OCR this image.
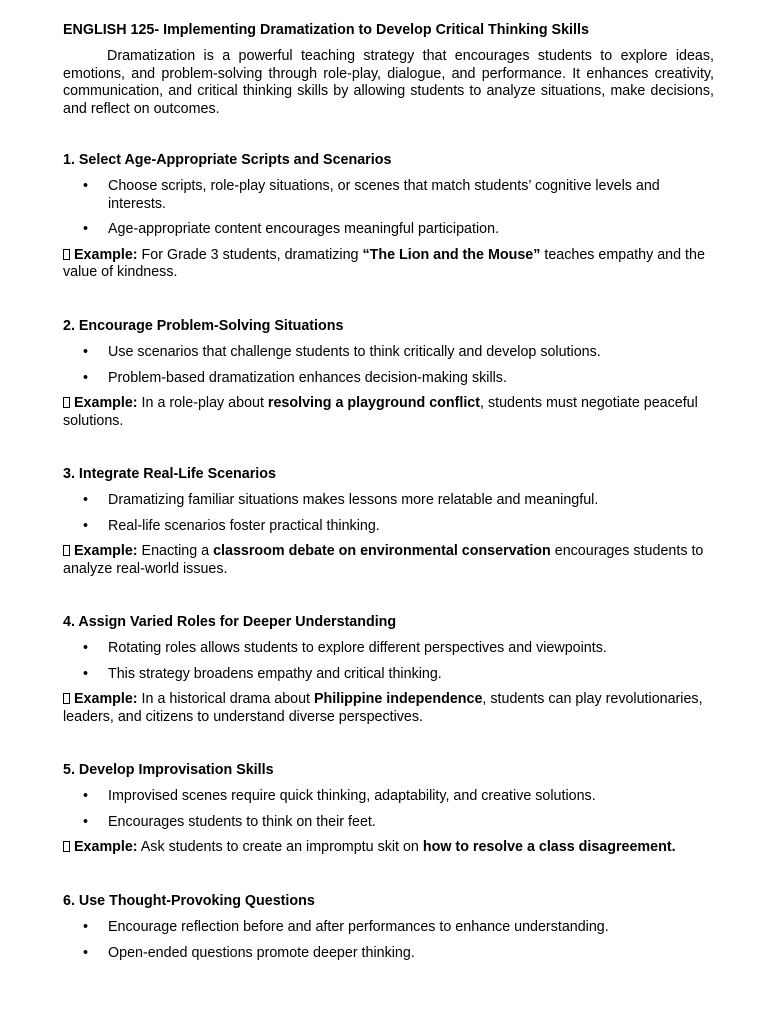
ENGLISH 125- Implementing Dramatization to Develop Critical Thinking Skills

Dramatization is a powerful teaching strategy that encourages students to explore ideas, emotions, and problem-solving through role-play, dialogue, and performance. It enhances creativity, communication, and critical thinking skills by allowing students to analyze situations, make decisions, and reflect on outcomes.

1. Select Age-Appropriate Scripts and Scenarios
• Choose scripts, role-play situations, or scenes that match students’ cognitive levels and interests.
• Age-appropriate content encourages meaningful participation.

Example: For Grade 3 students, dramatizing “The Lion and the Mouse” teaches empathy and the value of kindness.

2. Encourage Problem-Solving Situations
• Use scenarios that challenge students to think critically and develop solutions.
• Problem-based dramatization enhances decision-making skills.

Example: In a role-play about resolving a playground conflict, students must negotiate peaceful solutions.

3. Integrate Real-Life Scenarios
• Dramatizing familiar situations makes lessons more relatable and meaningful.
• Real-life scenarios foster practical thinking.

Example: Enacting a classroom debate on environmental conservation encourages students to analyze real-world issues.

4. Assign Varied Roles for Deeper Understanding
• Rotating roles allows students to explore different perspectives and viewpoints.
• This strategy broadens empathy and critical thinking.

Example: In a historical drama about Philippine independence, students can play revolutionaries, leaders, and citizens to understand diverse perspectives.

5. Develop Improvisation Skills
• Improvised scenes require quick thinking, adaptability, and creative solutions.
• Encourages students to think on their feet.

Example: Ask students to create an impromptu skit on how to resolve a class disagreement.

6. Use Thought-Provoking Questions
• Encourage reflection before and after performances to enhance understanding.
• Open-ended questions promote deeper thinking.
